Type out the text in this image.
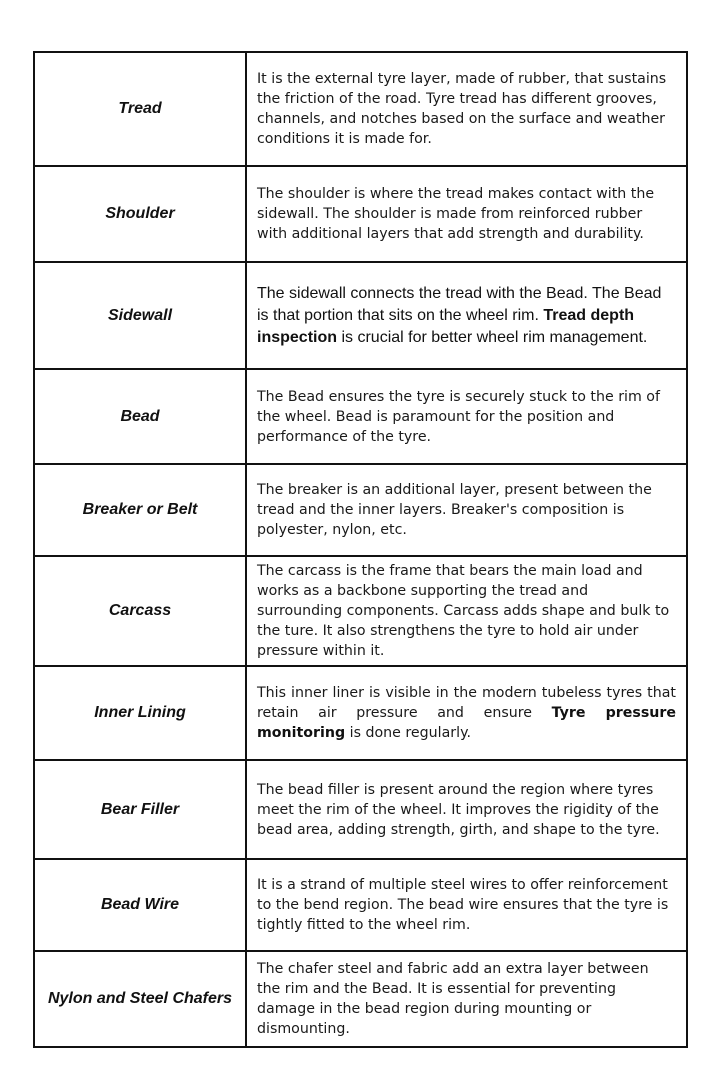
Tread	It is the external tyre layer, made of rubber, that sustains the friction of the road. Tyre tread has different grooves, channels, and notches based on the surface and weather conditions it is made for.
Shoulder	The shoulder is where the tread makes contact with the sidewall. The shoulder is made from reinforced rubber with additional layers that add strength and durability.
Sidewall	The sidewall connects the tread with the Bead. The Bead is that portion that sits on the wheel rim. Tread depth inspection is crucial for better wheel rim management.
Bead	The Bead ensures the tyre is securely stuck to the rim of the wheel. Bead is paramount for the position and performance of the tyre.
Breaker or Belt	The breaker is an additional layer, present between the tread and the inner layers. Breaker's composition is polyester, nylon, etc.
Carcass	The carcass is the frame that bears the main load and works as a backbone supporting the tread and surrounding components. Carcass adds shape and bulk to the ture. It also strengthens the tyre to hold air under pressure within it.
Inner Lining	This inner liner is visible in the modern tubeless tyres that retain air pressure and ensure Tyre pressure monitoring is done regularly.
Bear Filler	The bead filler is present around the region where tyres meet the rim of the wheel. It improves the rigidity of the bead area, adding strength, girth, and shape to the tyre.
Bead Wire	It is a strand of multiple steel wires to offer reinforcement to the bend region. The bead wire ensures that the tyre is tightly fitted to the wheel rim.
Nylon and Steel Chafers	The chafer steel and fabric add an extra layer between the rim and the Bead. It is essential for preventing damage in the bead region during mounting or dismounting.
